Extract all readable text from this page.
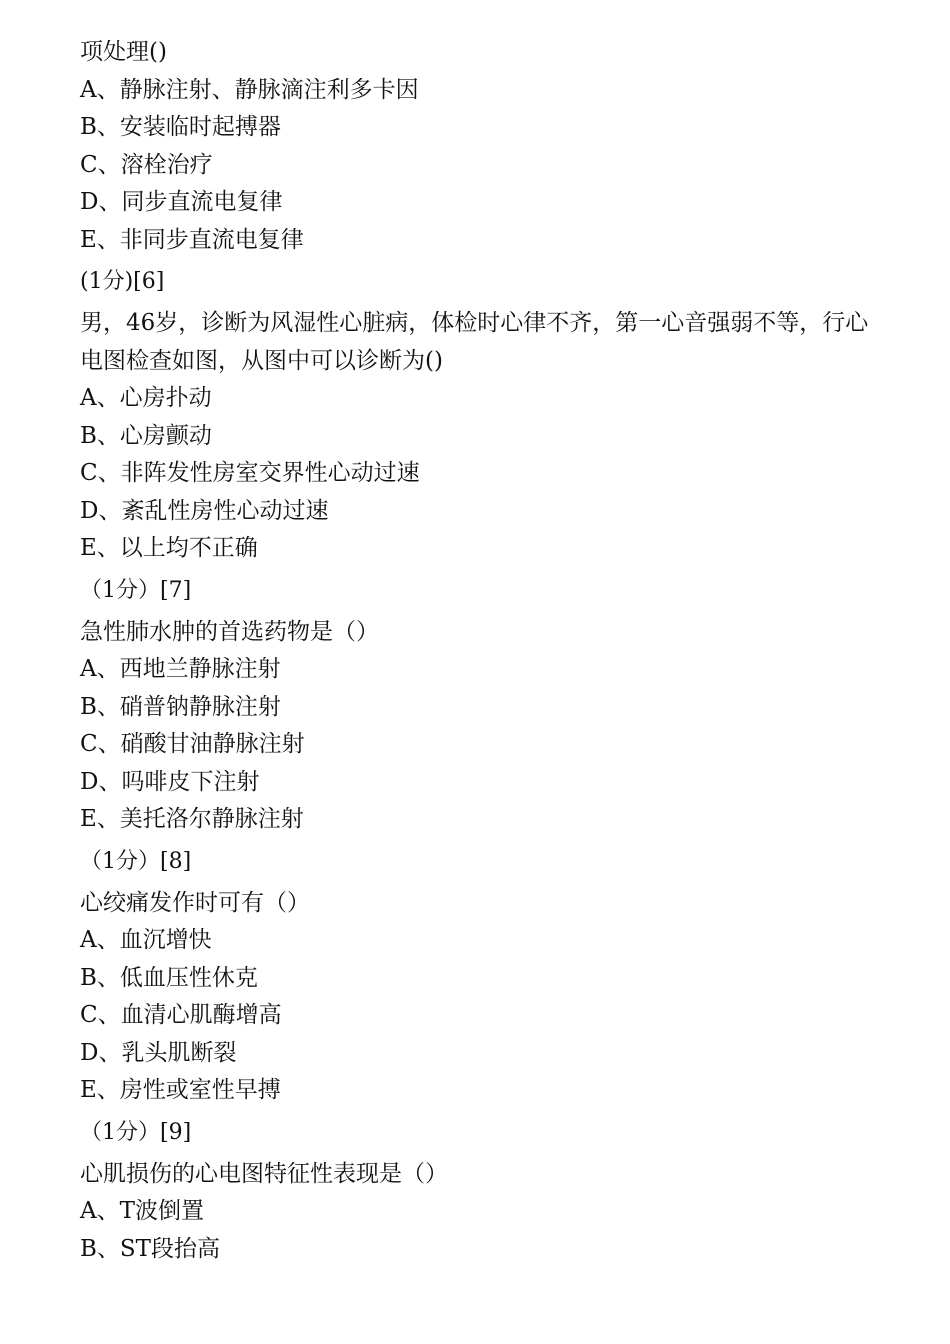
项处理()
A、静脉注射、静脉滴注利多卡因
B、安装临时起搏器
C、溶栓治疗
D、同步直流电复律
E、非同步直流电复律
(1分)[6]
男，46岁，诊断为风湿性心脏病，体检时心律不齐，第一心音强弱不等，行心电图检查如图，从图中可以诊断为()
A、心房扑动
B、心房颤动
C、非阵发性房室交界性心动过速
D、紊乱性房性心动过速
E、以上均不正确
（1分）[7]
急性肺水肿的首选药物是（）
A、西地兰静脉注射
B、硝普钠静脉注射
C、硝酸甘油静脉注射
D、吗啡皮下注射
E、美托洛尔静脉注射
（1分）[8]
心绞痛发作时可有（）
A、血沉增快
B、低血压性休克
C、血清心肌酶增高
D、乳头肌断裂
E、房性或室性早搏
（1分）[9]
心肌损伤的心电图特征性表现是（）
A、T波倒置
B、ST段抬高
